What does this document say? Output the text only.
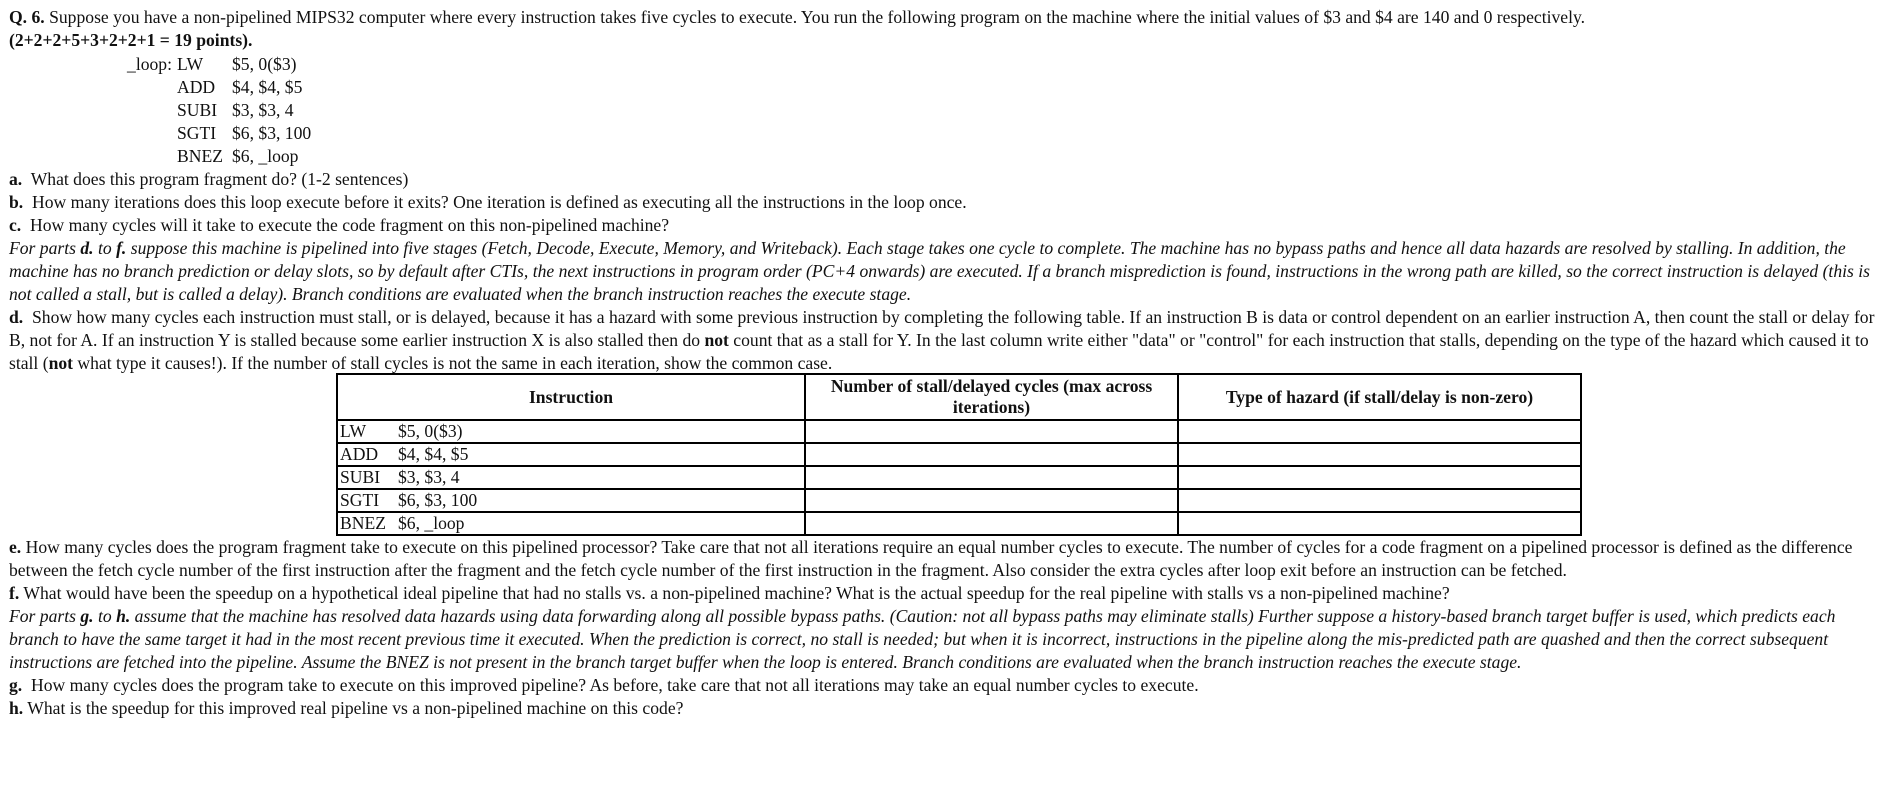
Q. 6. Suppose you have a non-pipelined MIPS32 computer where every instruction takes five cycles to execute. You run the following program on the machine where the initial values of $3 and $4 are 140 and 0 respectively.
(2+2+2+5+3+2+2+1 = 19 points).

_loop: LW	$5, 0($3)
ADD $4, $4, $5
SUBI $3, $3, 4
SGTI $6, $3, 100
BNEZ $6, _loop

a. What does this program fragment do? (1-2 sentences)

b. How many iterations does this loop execute before it exits? One iteration is defined as executing all the instructions in the loop once.

c. How many cycles will it take to execute the code fragment on this non-pipelined machine?

For parts d. to f. suppose this machine is pipelined into five stages (Fetch, Decode, Execute, Memory, and Writeback). Each stage takes one cycle to complete. The machine has no bypass paths and hence all data hazards are resolved by stalling. In addition, the machine has no branch prediction or delay slots, so by default after CTIs, the next instructions in program order (PC+4 onwards) are executed. If a branch misprediction is found, instructions in the wrong path are killed, so the correct instruction is delayed (this is not called a stall, but is called a delay). Branch conditions are evaluated when the branch instruction reaches the execute stage.

d. Show how many cycles each instruction must stall, or is delayed, because it has a hazard with some previous instruction by completing the following table. If an instruction B is data or control dependent on an earlier instruction A, then count the stall or delay for B, not for A. If an instruction Y is stalled because some earlier instruction X is also stalled then do not count that as a stall for Y. In the last column write either "data" or "control" for each instruction that stalls, depending on the type of the hazard which caused it to stall (not what type it causes!). If the number of stall cycles is not the same in each iteration, show the common case.

Instruction	Number of stall/delayed cycles (max across iterations)	Type of hazard (if stall/delay is non-zero)
LW $5, 0($3)		
ADD $4, $4, $5		
SUBI $3, $3, 4		
SGTI $6, $3, 100		
BNEZ $6, _loop		

e. How many cycles does the program fragment take to execute on this pipelined processor? Take care that not all iterations require an equal number cycles to execute. The number of cycles for a code fragment on a pipelined processor is defined as the difference between the fetch cycle number of the first instruction after the fragment and the fetch cycle number of the first instruction in the fragment. Also consider the extra cycles after loop exit before an instruction can be fetched.

f. What would have been the speedup on a hypothetical ideal pipeline that had no stalls vs. a non-pipelined machine? What is the actual speedup for the real pipeline with stalls vs a non-pipelined machine?

For parts g. to h. assume that the machine has resolved data hazards using data forwarding along all possible bypass paths. (Caution: not all bypass paths may eliminate stalls) Further suppose a history-based branch target buffer is used, which predicts each branch to have the same target it had in the most recent previous time it executed. When the prediction is correct, no stall is needed; but when it is incorrect, instructions in the pipeline along the mis-predicted path are quashed and then the correct subsequent instructions are fetched into the pipeline. Assume the BNEZ is not present in the branch target buffer when the loop is entered. Branch conditions are evaluated when the branch instruction reaches the execute stage.

g. How many cycles does the program take to execute on this improved pipeline? As before, take care that not all iterations may take an equal number cycles to execute.

h. What is the speedup for this improved real pipeline vs a non-pipelined machine on this code?
